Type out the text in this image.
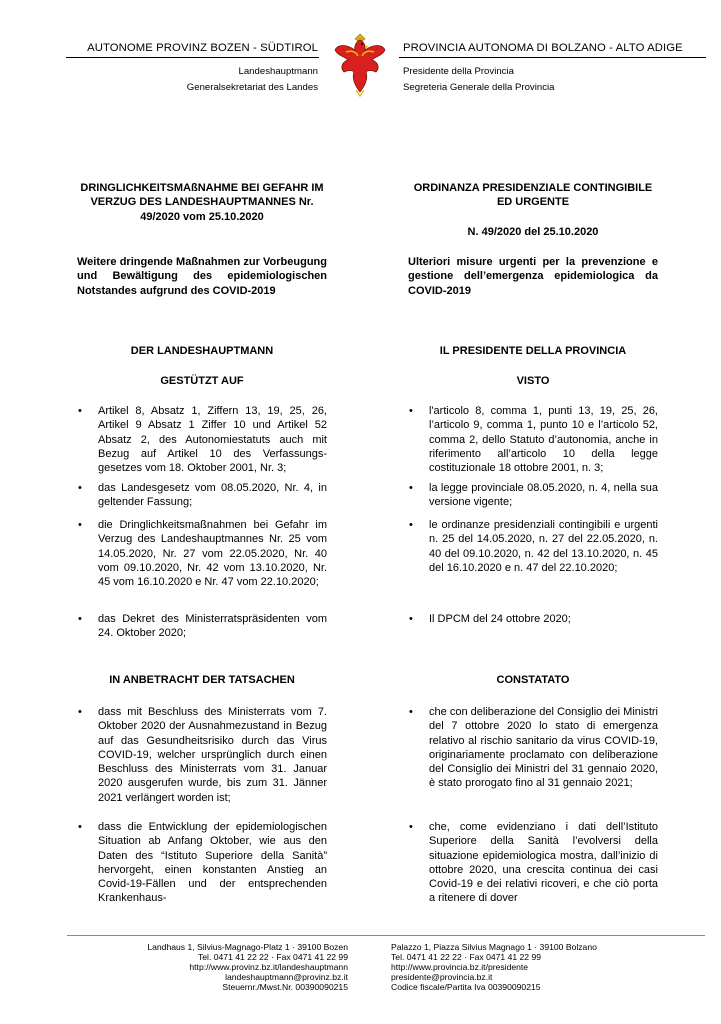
AUTONOME PROVINZ BOZEN - SÜDTIROL
Landeshauptmann
Generalsekretariat des Landes
PROVINCIA AUTONOMA DI BOLZANO - ALTO ADIGE
Presidente della Provincia
Segreteria Generale della Provincia
DRINGLICHKEITSMAßNAHME BEI GEFAHR IM VERZUG DES LANDESHAUPTMANNES Nr. 49/2020 vom 25.10.2020
Weitere dringende Maßnahmen zur Vorbeugung und Bewältigung des epidemiologischen Notstandes aufgrund des COVID-2019
DER LANDESHAUPTMANN
GESTÜTZT AUF
• Artikel 8, Absatz 1, Ziffern 13, 19, 25, 26, Artikel 9 Absatz 1 Ziffer 10 und Artikel 52 Absatz 2, des Autonomiestatuts auch mit Bezug auf Artikel 10 des Verfassungs-gesetzes vom 18. Oktober 2001, Nr. 3;
• das Landesgesetz vom 08.05.2020, Nr. 4, in geltender Fassung;
• die Dringlichkeitsmaßnahmen bei Gefahr im Verzug des Landeshauptmannes Nr. 25 vom 14.05.2020, Nr. 27 vom 22.05.2020, Nr. 40 vom 09.10.2020, Nr. 42 vom 13.10.2020, Nr. 45 vom 16.10.2020 e Nr. 47 vom 22.10.2020;
• das Dekret des Ministerratspräsidenten vom 24. Oktober 2020;
IN ANBETRACHT DER TATSACHEN
• dass mit Beschluss des Ministerrats vom 7. Oktober 2020 der Ausnahmezustand in Bezug auf das Gesundheitsrisiko durch das Virus COVID-19, welcher ursprünglich durch einen Beschluss des Ministerrats vom 31. Januar 2020 ausgerufen wurde, bis zum 31. Jänner 2021 verlängert worden ist;
• dass die Entwicklung der epidemiologischen Situation ab Anfang Oktober, wie aus den Daten des “Istituto Superiore della Sanità” hervorgeht, einen konstanten Anstieg an Covid-19-Fällen und der entsprechenden Krankenhaus-
ORDINANZA PRESIDENZIALE CONTINGIBILE ED URGENTE
N. 49/2020 del 25.10.2020
Ulteriori misure urgenti per la prevenzione e gestione dell’emergenza epidemiologica da COVID-2019
IL PRESIDENTE DELLA PROVINCIA
VISTO
• l'articolo 8, comma 1, punti 13, 19, 25, 26, l’articolo 9, comma 1, punto 10 e l’articolo 52, comma 2, dello Statuto d’autonomia, anche in riferimento all’articolo 10 della legge costituzionale 18 ottobre 2001, n. 3;
• la legge provinciale 08.05.2020, n. 4, nella sua versione vigente;
• le ordinanze presidenziali contingibili e urgenti n. 25 del 14.05.2020, n. 27 del 22.05.2020, n. 40 del 09.10.2020, n. 42 del 13.10.2020, n. 45 del 16.10.2020 e n. 47 del 22.10.2020;
• Il DPCM del 24 ottobre 2020;
CONSTATATO
• che con deliberazione del Consiglio dei Ministri del 7 ottobre 2020 lo stato di emergenza relativo al rischio sanitario da virus COVID-19, originariamente proclamato con deliberazione del Consiglio dei Ministri del 31 gennaio 2020, è stato prorogato fino al 31 gennaio 2021;
• che, come evidenziano i dati dell’Istituto Superiore della Sanità l’evolversi della situazione epidemiologica mostra, dall’inizio di ottobre 2020, una crescita continua dei casi Covid-19 e dei relativi ricoveri, e che ciò porta a ritenere di dover
Landhaus 1, Silvius-Magnago-Platz 1 · 39100 Bozen
Tel. 0471 41 22 22 · Fax 0471 41 22 99
http://www.provinz.bz.it/landeshauptmann
landeshauptmann@provinz.bz.it
Steuernr./Mwst.Nr. 00390090215
Palazzo 1, Piazza Silvius Magnago 1 · 39100 Bolzano
Tel. 0471 41 22 22 · Fax 0471 41 22 99
http://www.provincia.bz.it/presidente
presidente@provincia.bz.it
Codice fiscale/Partita Iva 00390090215
